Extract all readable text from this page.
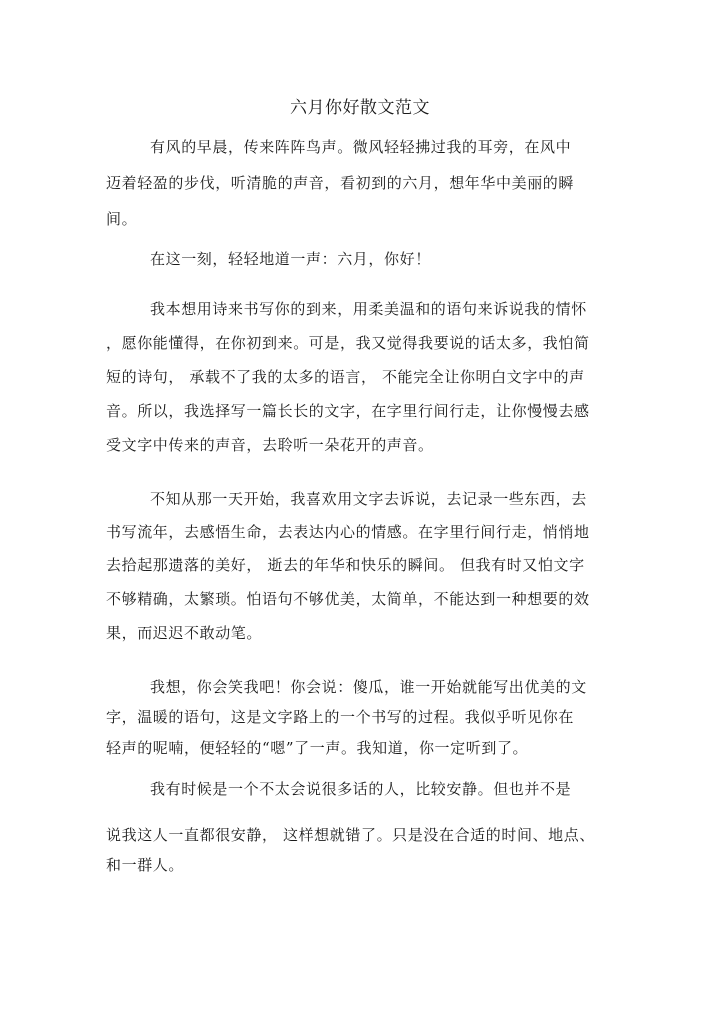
六月你好散文范文
有风的早晨，传来阵阵鸟声。微风轻轻拂过我的耳旁，在风中
迈着轻盈的步伐，听清脆的声音，看初到的六月，想年华中美丽的瞬
间。
在这一刻，轻轻地道一声：六月，你好！
我本想用诗来书写你的到来，用柔美温和的语句来诉说我的情怀
，愿你能懂得，在你初到来。可是，我又觉得我要说的话太多，我怕简
短的诗句， 承载不了我的太多的语言， 不能完全让你明白文字中的声
音。所以，我选择写一篇长长的文字，在字里行间行走，让你慢慢去感
受文字中传来的声音，去聆听一朵花开的声音。
不知从那一天开始，我喜欢用文字去诉说，去记录一些东西，去
书写流年，去感悟生命，去表达内心的情感。在字里行间行走，悄悄地
去拾起那遗落的美好， 逝去的年华和快乐的瞬间。 但我有时又怕文字
不够精确，太繁琐。怕语句不够优美，太简单，不能达到一种想要的效
果，而迟迟不敢动笔。
我想，你会笑我吧！你会说：傻瓜，谁一开始就能写出优美的文
字，温暖的语句，这是文字路上的一个书写的过程。我似乎听见你在
轻声的呢喃，便轻轻的“嗯”了一声。我知道，你一定听到了。
我有时候是一个不太会说很多话的人，比较安静。但也并不是
说我这人一直都很安静， 这样想就错了。只是没在合适的时间、地点、
和一群人。
